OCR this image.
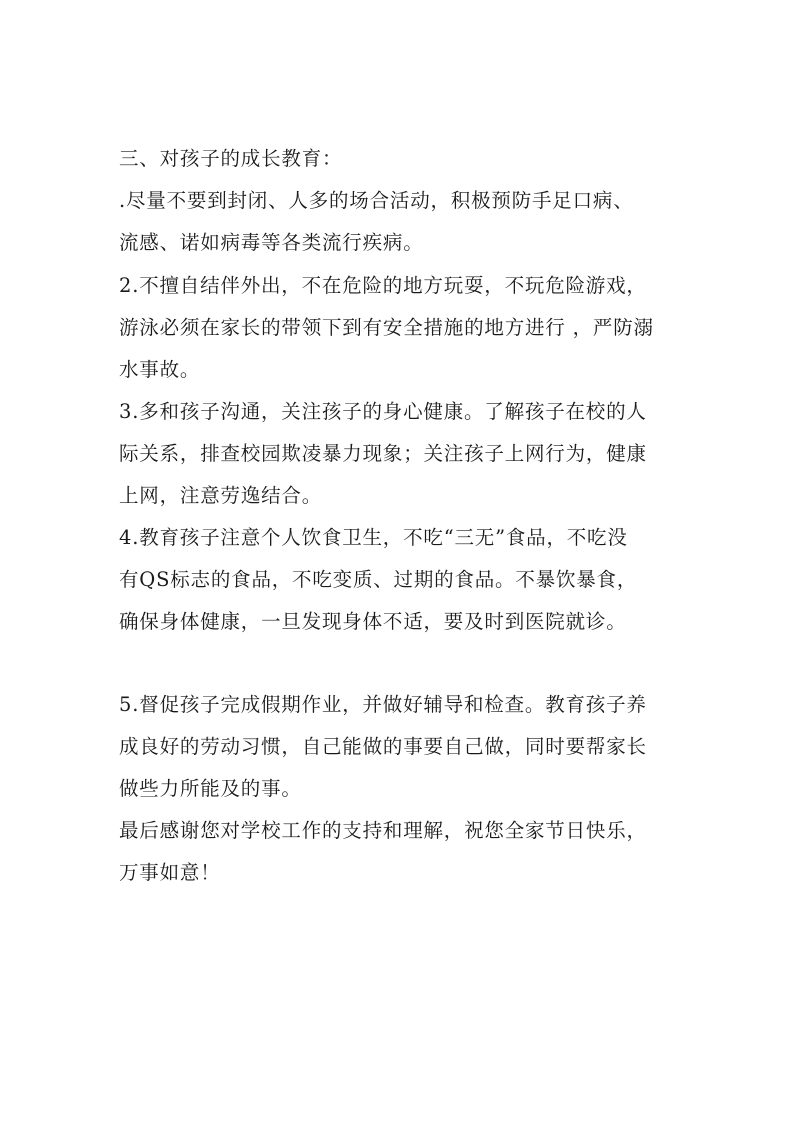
三、对孩子的成长教育：
.尽量不要到封闭、人多的场合活动，积极预防手足口病、
流感、诺如病毒等各类流行疾病。
2.不擅自结伴外出，不在危险的地方玩耍，不玩危险游戏，
游泳必须在家长的带领下到有安全措施的地方进行 ，严防溺
水事故。
3.多和孩子沟通，关注孩子的身心健康。了解孩子在校的人
际关系，排查校园欺凌暴力现象；关注孩子上网行为，健康
上网，注意劳逸结合。
4.教育孩子注意个人饮食卫生，不吃“三无”食品，不吃没
有QS标志的食品，不吃变质、过期的食品。不暴饮暴食，
确保身体健康，一旦发现身体不适，要及时到医院就诊。
5.督促孩子完成假期作业，并做好辅导和检查。教育孩子养
成良好的劳动习惯，自己能做的事要自己做，同时要帮家长
做些力所能及的事。
最后感谢您对学校工作的支持和理解，祝您全家节日快乐，
万事如意！
